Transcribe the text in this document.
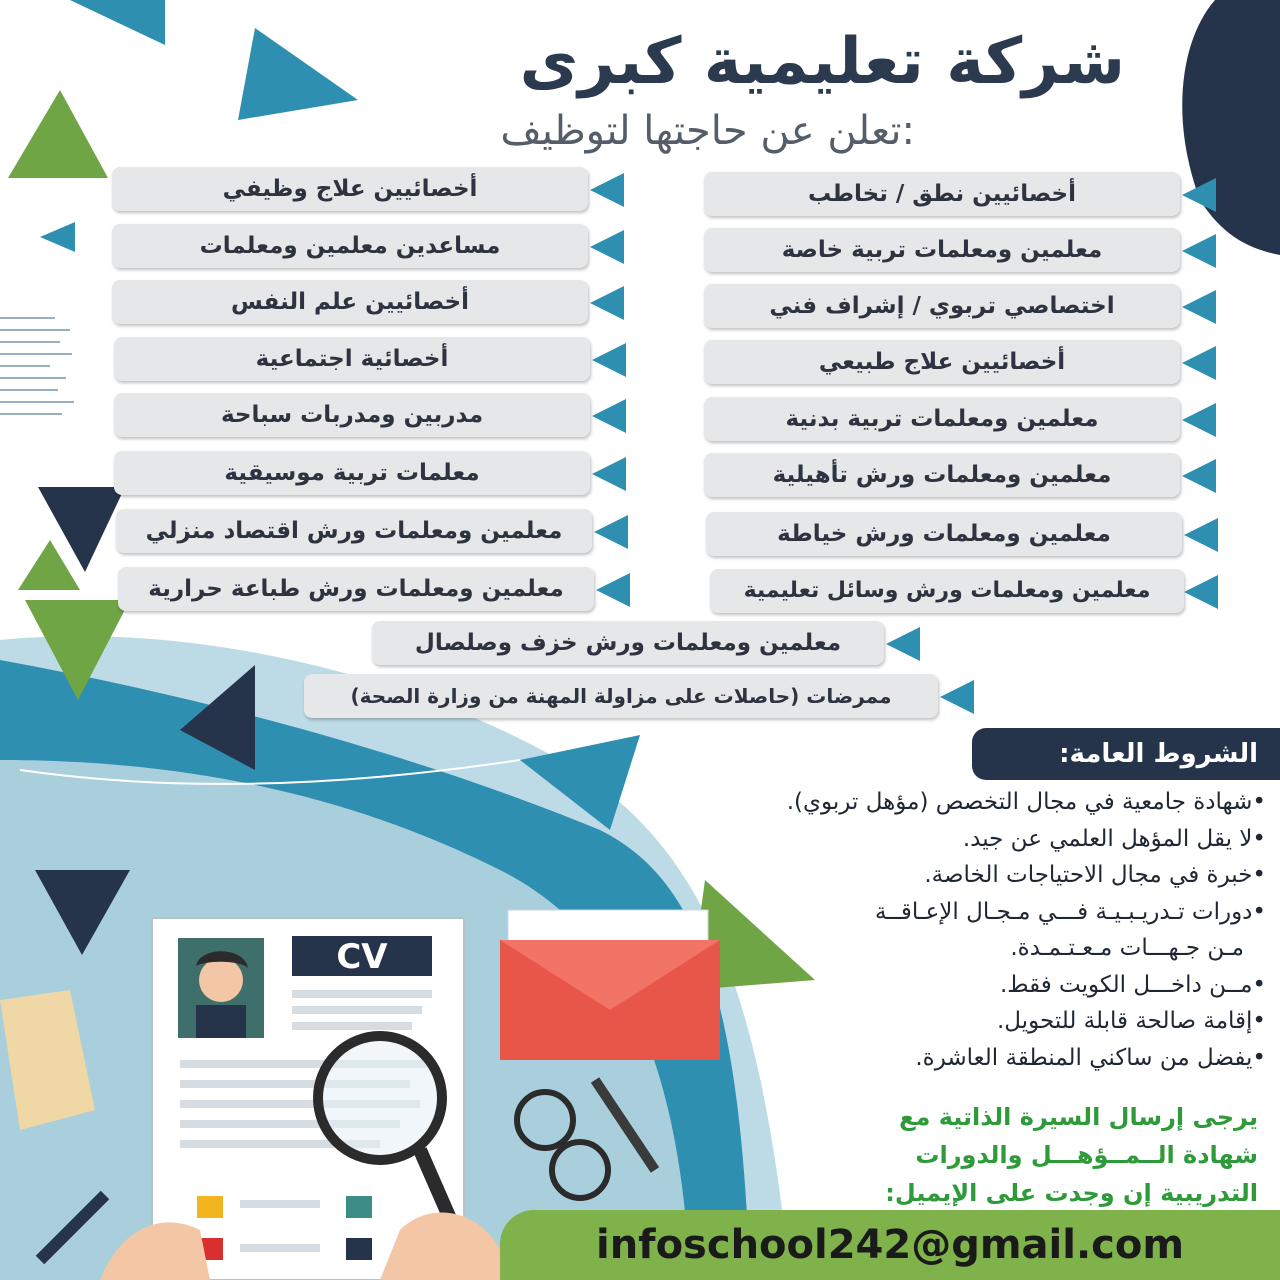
CV
شركة تعليمية كبرى
تعلن عن حاجتها لتوظيف:
أخصائيين نطق / تخاطب
معلمين ومعلمات تربية خاصة
اختصاصي تربوي / إشراف فني
أخصائيين علاج طبيعي
معلمين ومعلمات تربية بدنية
معلمين ومعلمات ورش تأهيلية
معلمين ومعلمات ورش خياطة
معلمين ومعلمات ورش وسائل تعليمية
أخصائيين علاج وظيفي
مساعدين معلمين ومعلمات
أخصائيين علم النفس
أخصائية اجتماعية
مدربين ومدربات سباحة
معلمات تربية موسيقية
معلمين ومعلمات ورش اقتصاد منزلي
معلمين ومعلمات ورش طباعة حرارية
معلمين ومعلمات ورش خزف وصلصال
ممرضات (حاصلات على مزاولة المهنة من وزارة الصحة)
الشروط العامة:
•شهادة جامعية في مجال التخصص (مؤهل تربوي).
•لا يقل المؤهل العلمي عن جيد.
•خبرة في مجال الاحتياجات الخاصة.
•دورات تـدريـبـيـة فـــي مـجـال الإعـاقــة
مـن جـهـــات مـعـتـمـدة.
•مــن داخـــل الكويت فقط.
•إقامة صالحة قابلة للتحويل.
•يفضل من ساكني المنطقة العاشرة.
يرجى إرسال السيرة الذاتية مع
شهادة الــمــؤهـــل والدورات
التدريبية إن وجدت على الإيميل:
infoschool242@gmail.com
